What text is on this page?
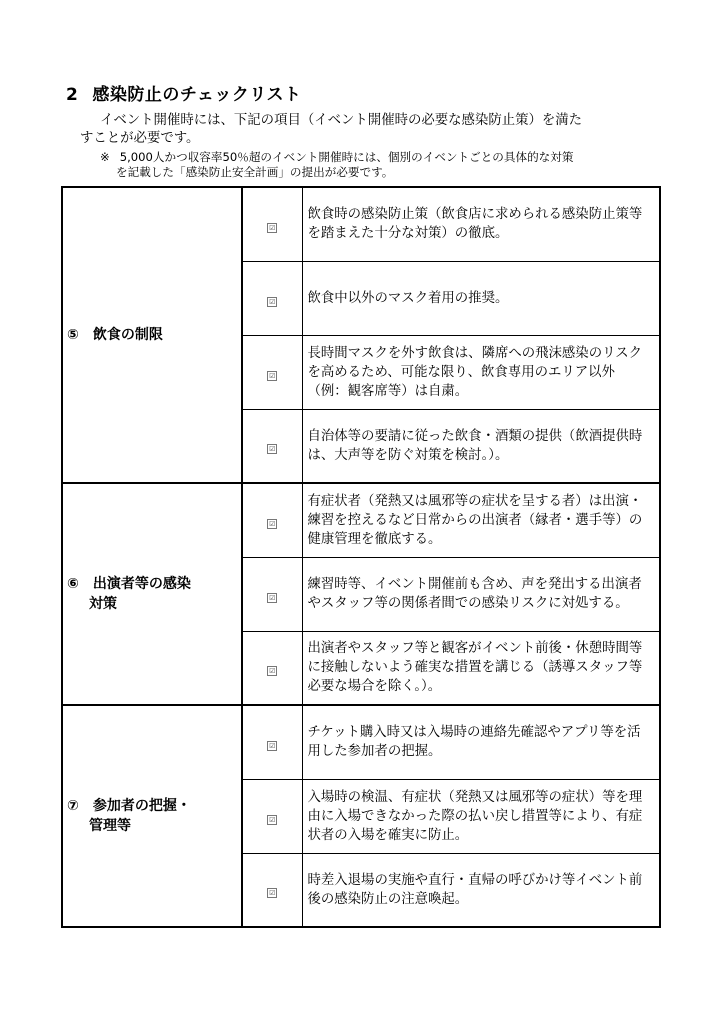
2 感染防止のチェックリスト
イベント開催時には、下記の項目（イベント開催時の必要な感染防止策）を満た
すことが必要です。
※ 5,000人かつ収容率50％超のイベント開催時には、個別のイベントごとの具体的な対策
を記載した「感染防止安全計画」の提出が必要です。
⑤ 飲食の制限	☑	飲食時の感染防止策（飲食店に求められる感染防止策等を踏まえた十分な対策）の徹底。
	☑	飲食中以外のマスク着用の推奨。
	☑	長時間マスクを外す飲食は、隣席への飛沫感染のリスクを高めるため、可能な限り、飲食専用のエリア以外（例：観客席等）は自粛。
	☑	自治体等の要請に従った飲食・酒類の提供（飲酒提供時は、大声等を防ぐ対策を検討。）。

⑥ 出演者等の感染
対策	☑	有症状者（発熱又は風邪等の症状を呈する者）は出演・練習を控えるなど日常からの出演者（縁者・選手等）の健康管理を徹底する。
	☑	練習時等、イベント開催前も含め、声を発出する出演者やスタッフ等の関係者間での感染リスクに対処する。
	☑	出演者やスタッフ等と観客がイベント前後・休憩時間等に接触しないよう確実な措置を講じる（誘導スタッフ等必要な場合を除く。）。

⑦ 参加者の把握・
管理等	☑	チケット購入時又は入場時の連絡先確認やアプリ等を活用した参加者の把握。
	☑	入場時の検温、有症状（発熱又は風邪等の症状）等を理由に入場できなかった際の払い戻し措置等により、有症状者の入場を確実に防止。
	☑	時差入退場の実施や直行・直帰の呼びかけ等イベント前後の感染防止の注意喚起。
